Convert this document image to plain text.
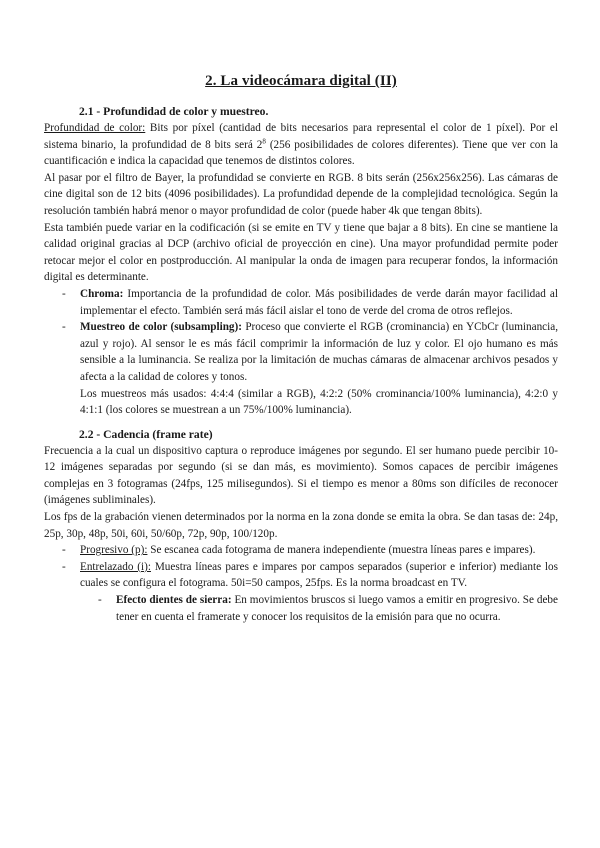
2. La videocámara digital (II)
2.1 - Profundidad de color y muestreo.

Profundidad de color: Bits por píxel (cantidad de bits necesarios para represental el color de 1 píxel). Por el sistema binario, la profundidad de 8 bits será $2^8$ (256 posibilidades de colores diferentes). Tiene que ver con la cuantificación e indica la capacidad que tenemos de distintos colores.

Al pasar por el filtro de Bayer, la profundidad se convierte en RGB. 8 bits serán (256x256x256). Las cámaras de cine digital son de 12 bits (4096 posibilidades). La profundidad depende de la complejidad tecnológica. Según la resolución también habrá menor o mayor profundidad de color (puede haber 4k que tengan 8bits).

Esta también puede variar en la codificación (si se emite en TV y tiene que bajar a 8 bits). En cine se mantiene la calidad original gracias al DCP (archivo oficial de proyección en cine). Una mayor profundidad permite poder retocar mejor el color en postproducción. Al manipular la onda de imagen para recuperar fondos, la información digital es determinante.

- Chroma: Importancia de la profundidad de color. Más posibilidades de verde darán mayor facilidad al implementar el efecto. También será más fácil aislar el tono de verde del croma de otros reflejos.
- Muestreo de color (subsampling): Proceso que convierte el RGB (crominancia) en YCbCr (luminancia, azul y rojo). Al sensor le es más fácil comprimir la información de luz y color. El ojo humano es más sensible a la luminancia. Se realiza por la limitación de muchas cámaras de almacenar archivos pesados y afecta a la calidad de colores y tonos.
Los muestreos más usados: 4:4:4 (similar a RGB), 4:2:2 (50% crominancia/100% luminancia), 4:2:0 y 4:1:1 (los colores se muestrean a un 75%/100% luminancia).
2.2 - Cadencia (frame rate)

Frecuencia a la cual un dispositivo captura o reproduce imágenes por segundo. El ser humano puede percibir 10-12 imágenes separadas por segundo (si se dan más, es movimiento). Somos capaces de percibir imágenes complejas en 3 fotogramas (24fps, 125 milisegundos). Si el tiempo es menor a 80ms son difíciles de reconocer (imágenes subliminales).

Los fps de la grabación vienen determinados por la norma en la zona donde se emita la obra. Se dan tasas de: 24p, 25p, 30p, 48p, 50i, 60i, 50/60p, 72p, 90p, 100/120p.

- Progresivo (p): Se escanea cada fotograma de manera independiente (muestra líneas pares e impares).
- Entrelazado (i): Muestra líneas pares e impares por campos separados (superior e inferior) mediante los cuales se configura el fotograma. 50i=50 campos, 25fps. Es la norma broadcast en TV.
- Efecto dientes de sierra: En movimientos bruscos si luego vamos a emitir en progresivo. Se debe tener en cuenta el framerate y conocer los requisitos de la emisión para que no ocurra.
